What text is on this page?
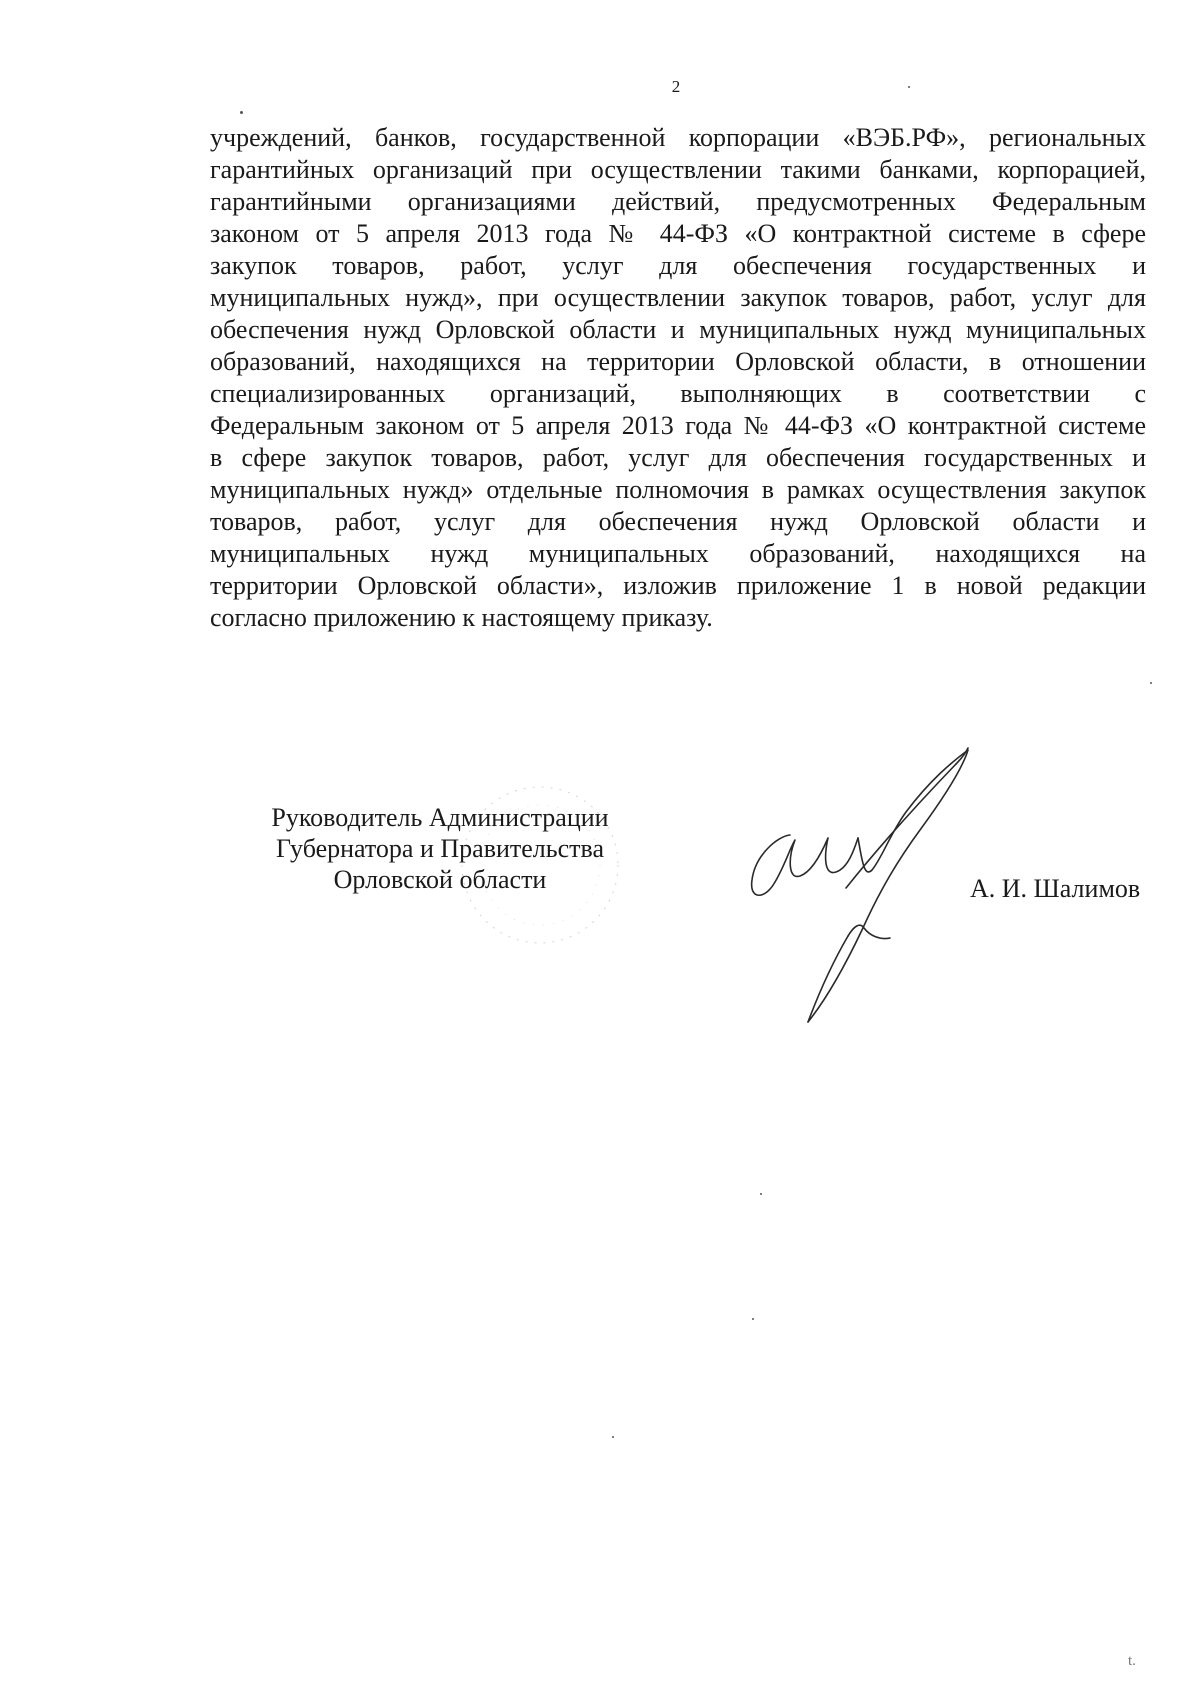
2
учреждений, банков, государственной корпорации «ВЭБ.РФ», региональных
гарантийных организаций при осуществлении такими банками, корпорацией,
гарантийными организациями действий, предусмотренных Федеральным
законом от 5 апреля 2013 года № 44-ФЗ «О контрактной системе в сфере
закупок товаров, работ, услуг для обеспечения государственных и
муниципальных нужд», при осуществлении закупок товаров, работ, услуг для
обеспечения нужд Орловской области и муниципальных нужд муниципальных
образований, находящихся на территории Орловской области, в отношении
специализированных организаций, выполняющих в соответствии с
Федеральным законом от 5 апреля 2013 года № 44-ФЗ «О контрактной системе
в сфере закупок товаров, работ, услуг для обеспечения государственных и
муниципальных нужд» отдельные полномочия в рамках осуществления закупок
товаров, работ, услуг для обеспечения нужд Орловской области и
муниципальных нужд муниципальных образований, находящихся на
территории Орловской области», изложив приложение 1 в новой редакции
согласно приложению к настоящему приказу.
Руководитель Администрации
Губернатора и Правительства
Орловской области	А. И. Шалимов
t.
